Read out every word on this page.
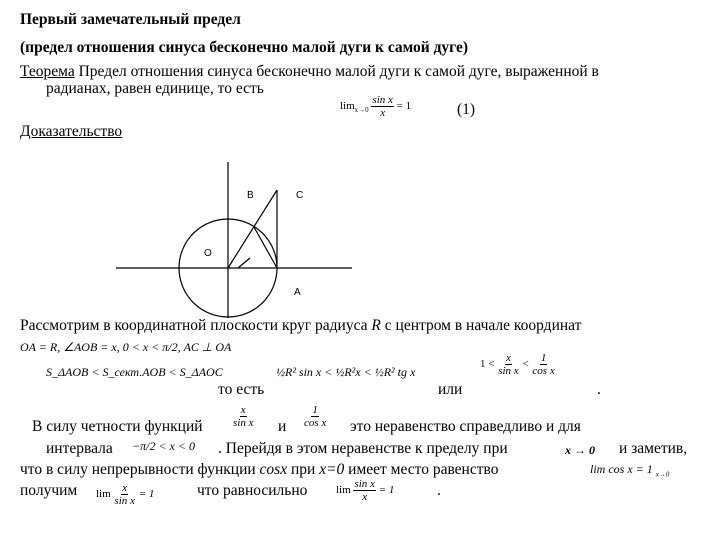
Первый замечательный предел
(предел отношения синуса бесконечно малой дуги к самой дуге)
Теорема Предел отношения синуса бесконечно малой дуги к самой дуге, выраженной в
радианах, равен единице, то есть
$\lim_{x\to 0} \frac{\text{sin x}}{x} = 1$	(1)
Доказательство
B	C
O
A
Рассмотрим в координатной плоскости круг радиуса R с центром в начале координат
OA = R, ∠AOB = x, 0 < x < π/2, AC ⊥ OA
S_ΔAOB < S_сект.AOB < S_ΔAOC
то есть
½R² sin x < ½R²x < ½R² tg x
или
$1 < \frac{x}{\text{sin x}} < \frac{1}{\text{cos x}}$
.
В силу четности функций	$\frac{x}{\text{sin x}}$ и $\frac{1}{\text{cos x}}$ это неравенство справедливо и для
интервала −π/2 < x < 0 . Перейдя в этом неравенстве к пределу при	x → 0 и заметив,
что в силу непрерывности функции cosx при x=0 имеет место равенство	lim cos x = 1 $_{x\to 0}$
получим $\lim \frac{x}{\text{sin x}} = 1$	что равносильно	$\lim \frac{\text{sin x}}{x} = 1$	.
